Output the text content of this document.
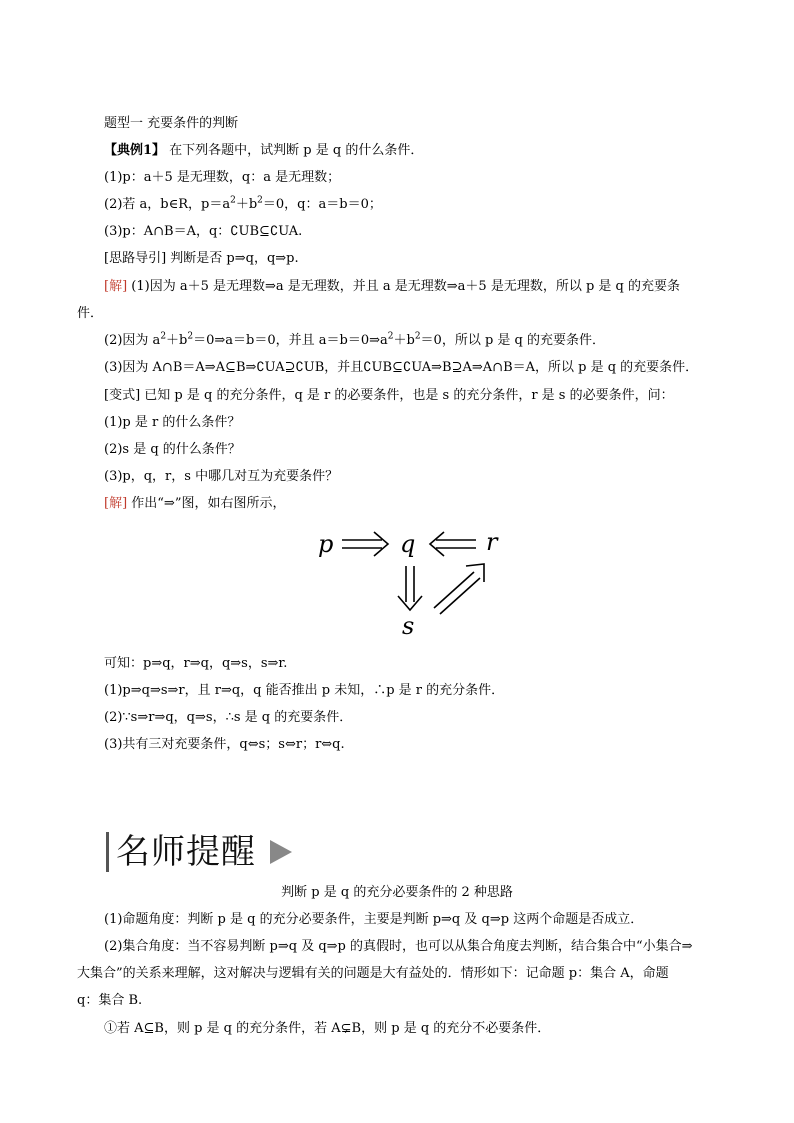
题型一 充要条件的判断
【典例1】 在下列各题中，试判断 p 是 q 的什么条件．
(1)p：a＋5 是无理数，q：a 是无理数；
(2)若 a，b∈R，$p=a^2+b^2=0$，q：a＝b＝0；
(3)p：A∩B＝A，q：∁UB⊆∁UA.
[思路导引] 判断是否 p⇒q，q⇒p.
[解] (1)因为 a＋5 是无理数⇒a 是无理数，并且 a 是无理数⇒a＋5 是无理数，所以 p 是 q 的充要条
件．
(2)因为 $a^2+b^2=0\Rightarrow a=b=0$，并且 $a=b=0\Rightarrow a^2+b^2=0$，所以 p 是 q 的充要条件．
(3)因为 A∩B＝A⇒A⊆B⇒∁UA⊇∁UB，并且∁UB⊆∁UA⇒B⊇A⇒A∩B＝A，所以 p 是 q 的充要条件．
[变式] 已知 p 是 q 的充分条件，q 是 r 的必要条件，也是 s 的充分条件，r 是 s 的必要条件，问：
(1)p 是 r 的什么条件？
(2)s 是 q 的什么条件？
(3)p，q，r，s 中哪几对互为充要条件？
[解] 作出“⇒”图，如右图所示，
p	q	r
s
可知：p⇒q，r⇒q，q⇒s，s⇒r.
(1)p⇒q⇒s⇒r，且 r⇒q，q 能否推出 p 未知，∴p 是 r 的充分条件．
(2)∵s⇒r⇒q，q⇒s，∴s 是 q 的充要条件．
(3)共有三对充要条件，q⇔s；s⇔r；r⇔q.
名师提醒
判断 p 是 q 的充分必要条件的 2 种思路
(1)命题角度：判断 p 是 q 的充分必要条件，主要是判断 p⇒q 及 q⇒p 这两个命题是否成立．
(2)集合角度：当不容易判断 p⇒q 及 q⇒p 的真假时，也可以从集合角度去判断，结合集合中“小集合⇒
大集合”的关系来理解，这对解决与逻辑有关的问题是大有益处的．情形如下：记命题 p：集合 A，命题
q：集合 B.
①若 A⊆B，则 p 是 q 的充分条件，若 A⊊B，则 p 是 q 的充分不必要条件．
